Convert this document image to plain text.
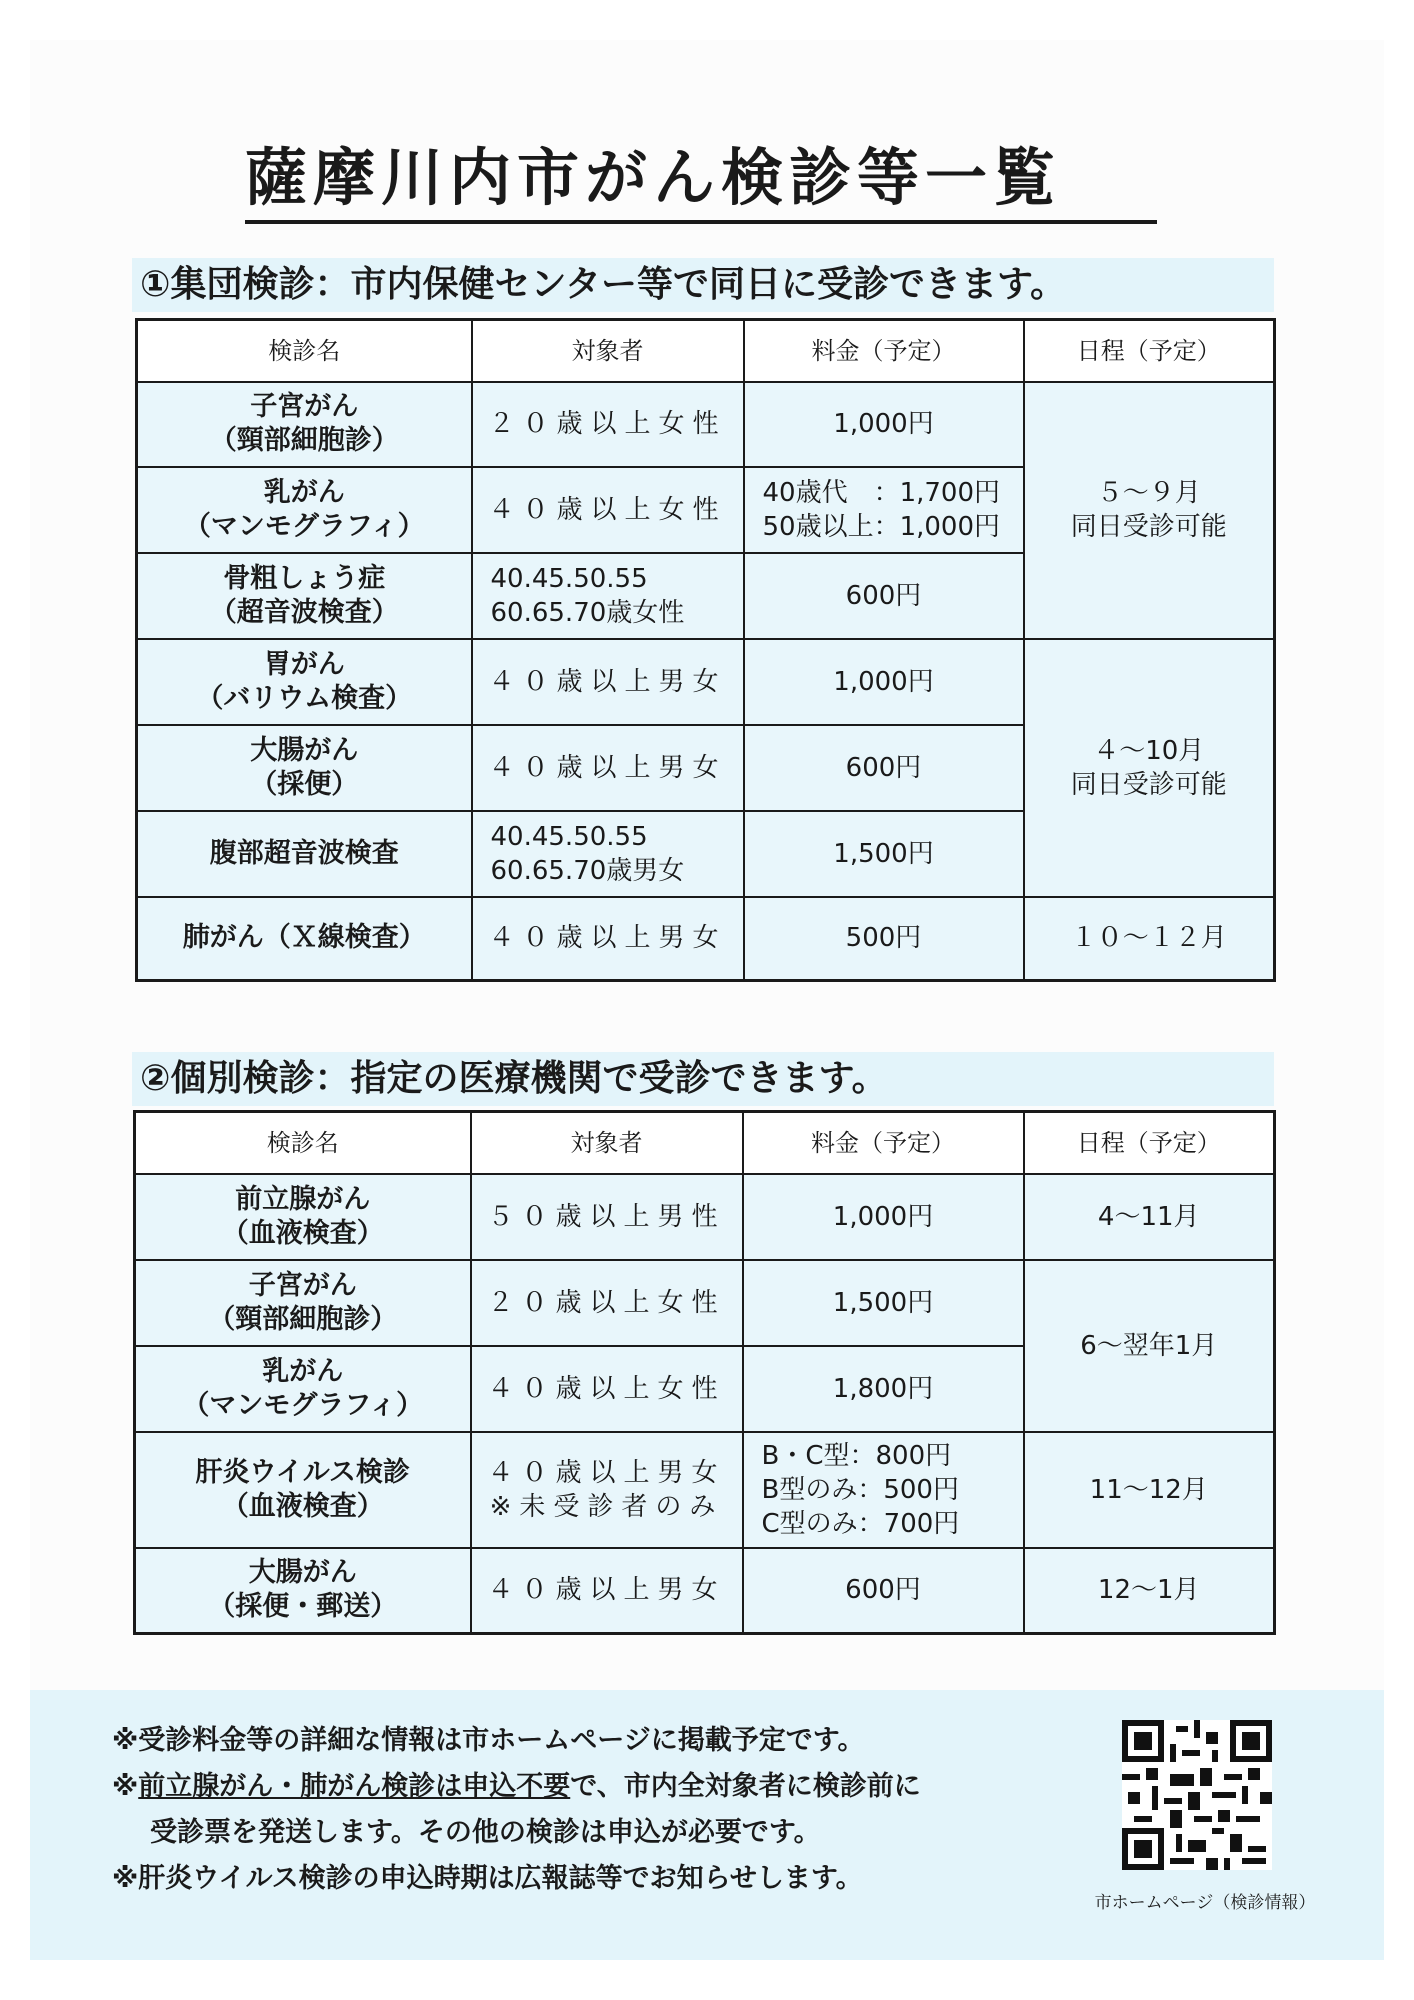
薩摩川内市がん検診等一覧
①集団検診：市内保健センター等で同日に受診できます。
検診名	対象者	料金（予定）	日程（予定）

子宮がん
（頸部細胞診）	２０歳以上女性	1,000円	５～９月
同日受診可能

乳がん
（マンモグラフィ）	４０歳以上女性	40歳代　：1,700円
50歳以上：1,000円	

骨粗しょう症
（超音波検査）	40.45.50.55
60.65.70歳女性	600円	

胃がん
（バリウム検査）	４０歳以上男女	1,000円	４～10月
同日受診可能

大腸がん
（採便）	４０歳以上男女	600円	

腹部超音波検査	40.45.50.55
60.65.70歳男女	1,500円	

肺がん（Ｘ線検査）	４０歳以上男女	500円	１０～１２月
②個別検診：指定の医療機関で受診できます。
検診名	対象者	料金（予定）	日程（予定）

前立腺がん
（血液検査）	５０歳以上男性	1,000円	4～11月

子宮がん
（頸部細胞診）	２０歳以上女性	1,500円	6～翌年1月

乳がん
（マンモグラフィ）	４０歳以上女性	1,800円	

肝炎ウイルス検診
（血液検査）	４０歳以上男女
※未受診者のみ	B・C型：800円
B型のみ：500円
C型のみ：700円	11～12月

大腸がん
（採便・郵送）	４０歳以上男女	600円	12～1月
※受診料金等の詳細な情報は市ホームページに掲載予定です。
※前立腺がん・肺がん検診は申込不要で、市内全対象者に検診前に
受診票を発送します。その他の検診は申込が必要です。
※肝炎ウイルス検診の申込時期は広報誌等でお知らせします。
市ホームページ（検診情報）
